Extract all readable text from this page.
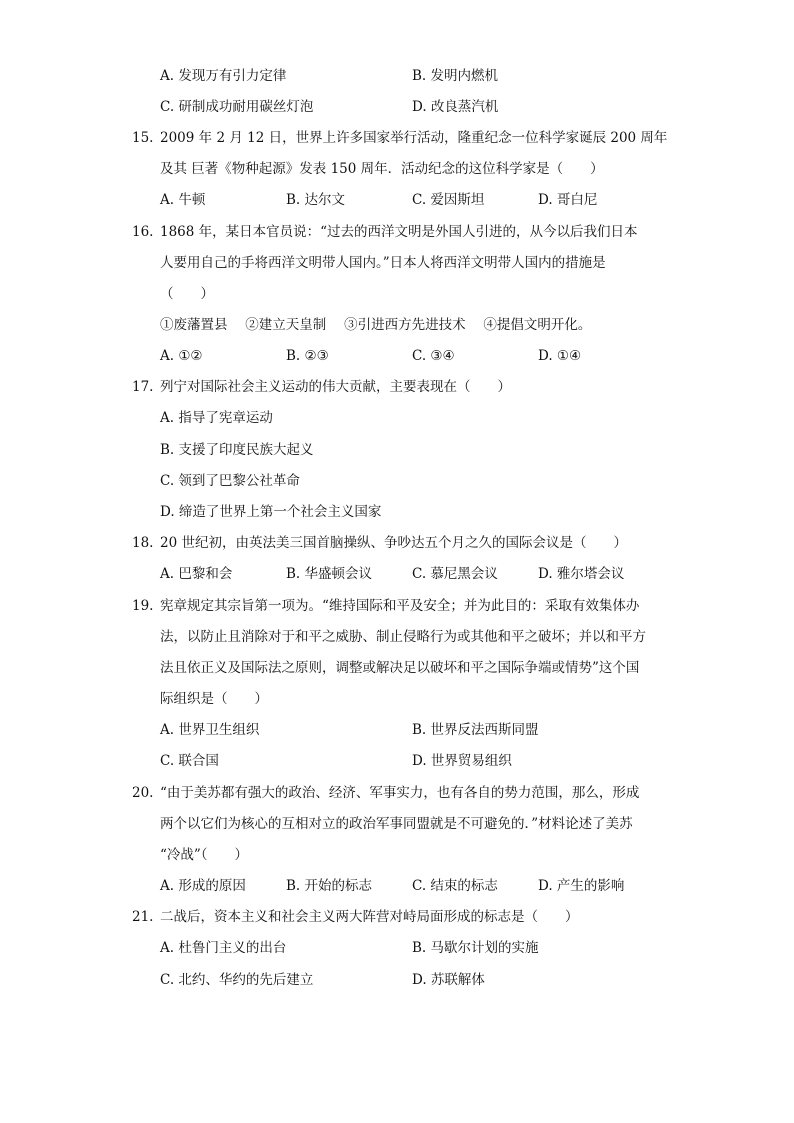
A. 发现万有引力定律	B. 发明内燃机
C. 研制成功耐用碳丝灯泡	D. 改良蒸汽机
15. 2009 年 2 月 12 日，世界上许多国家举行活动，隆重纪念一位科学家诞辰 200 周年
及其 巨著《物种起源》发表 150 周年．活动纪念的这位科学家是（　　）
A. 牛顿	B. 达尔文	C. 爱因斯坦	D. 哥白尼
16. 1868 年，某日本官员说：“过去的西洋文明是外国人引进的，从今以后我们日本
人要用自己的手将西洋文明带人国内。”日本人将西洋文明带人国内的措施是
（　　）
①废藩置县　 ②建立天皇制　 ③引进西方先进技术　 ④提倡文明开化。
A. ①②	B. ②③	C. ③④	D. ①④
17. 列宁对国际社会主义运动的伟大贡献，主要表现在（　　）
A. 指导了宪章运动
B. 支援了印度民族大起义
C. 领到了巴黎公社革命
D. 缔造了世界上第一个社会主义国家
18. 20 世纪初，由英法美三国首脑操纵、争吵达五个月之久的国际会议是（　　）
A. 巴黎和会	B. 华盛顿会议	C. 慕尼黑会议	D. 雅尔塔会议
19. 宪章规定其宗旨第一项为。“维持国际和平及安全；并为此目的：采取有效集体办
法，以防止且消除对于和平之威胁、制止侵略行为或其他和平之破坏；并以和平方
法且依正义及国际法之原则，调整或解决足以破坏和平之国际争端或情势”这个国
际组织是（　　）
A. 世界卫生组织	B. 世界反法西斯同盟
C. 联合国	D. 世界贸易组织
20. “由于美苏都有强大的政治、经济、军事实力，也有各自的势力范围，那么，形成
两个以它们为核心的互相对立的政治军事同盟就是不可避免的．”材料论述了美苏
“冷战”（　　）
A. 形成的原因	B. 开始的标志	C. 结束的标志	D. 产生的影响
21. 二战后，资本主义和社会主义两大阵营对峙局面形成的标志是（　　）
A. 杜鲁门主义的出台	B. 马歇尔计划的实施
C. 北约、华约的先后建立	D. 苏联解体
